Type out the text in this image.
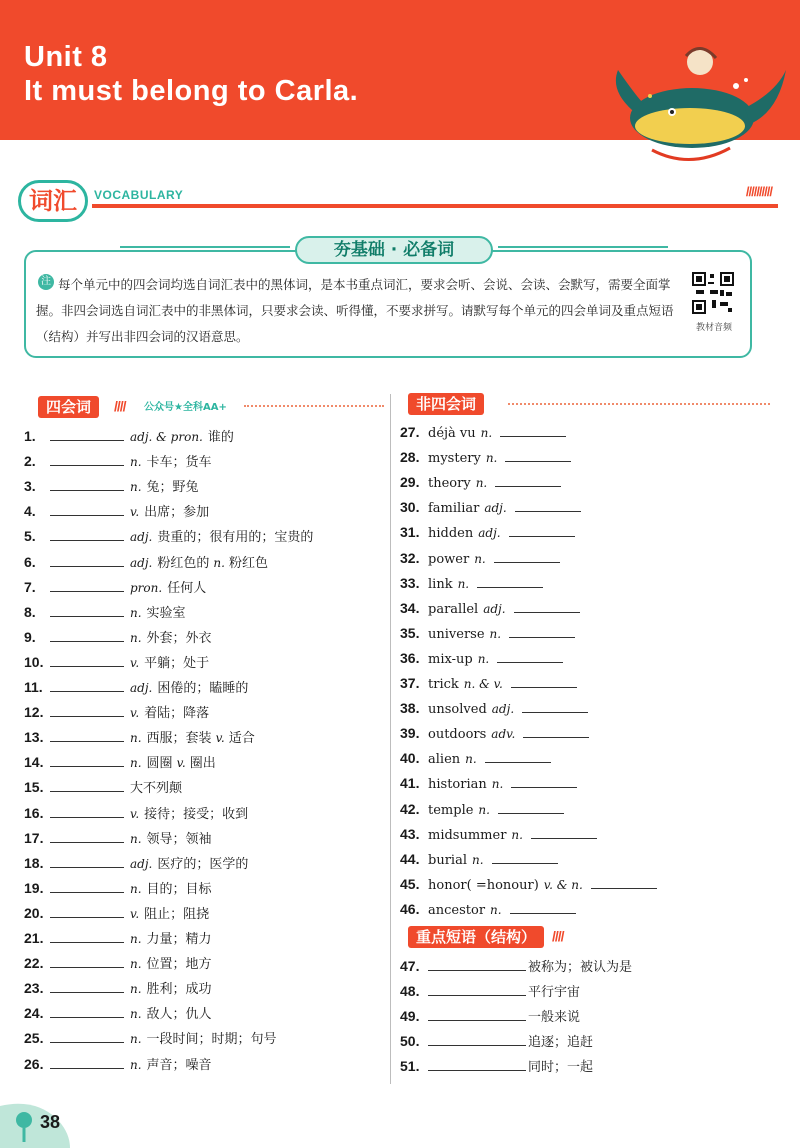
Unit 8
It must belong to Carla.
词汇	VOCABULARY	//////////
夯基础 · 必备词
注 每个单元中的四会词均选自词汇表中的黑体词，是本书重点词汇，要求会听、会说、会读、会默写，需要全面掌握。非四会词选自词汇表中的非黑体词，只要求会读、听得懂，不要求拼写。请默写每个单元的四会单词及重点短语（结构）并写出非四会词的汉语意思。
教材音频
四会词	//// 公众号★全科AA+	非四会词
1.	adj. & pron. 谁的
2.	n. 卡车；货车
3.	n. 兔；野兔
4.	v. 出席；参加
5.	adj. 贵重的；很有用的；宝贵的
6.	adj. 粉红色的 n. 粉红色
7.	pron. 任何人
8.	n. 实验室
9.	n. 外套；外衣
10.	v. 平躺；处于
11.	adj. 困倦的；瞌睡的
12.	v. 着陆；降落
13.	n. 西服；套装 v. 适合
14.	n. 圆圈 v. 圈出
15.	大不列颠
16.	v. 接待；接受；收到
17.	n. 领导；领袖
18.	adj. 医疗的；医学的
19.	n. 目的；目标
20.	v. 阻止；阻挠
21.	n. 力量；精力
22.	n. 位置；地方
23.	n. 胜利；成功
24.	n. 敌人；仇人
25.	n. 一段时间；时期；句号
26.	n. 声音；噪音
27. déjà vu n.
28. mystery n.
29. theory n.
30. familiar adj.
31. hidden adj.
32. power n.
33. link n.
34. parallel adj.
35. universe n.
36. mix-up n.
37. trick n. & v.
38. unsolved adj.
39. outdoors adv.
40. alien n.
41. historian n.
42. temple n.
43. midsummer n.
44. burial n.
45. honor( =honour) v. & n.
46. ancestor n.
重点短语（结构）	////
47.	被称为；被认为是
48.	平行宇宙
49.	一般来说
50.	追逐；追赶
51.	同时；一起
38
